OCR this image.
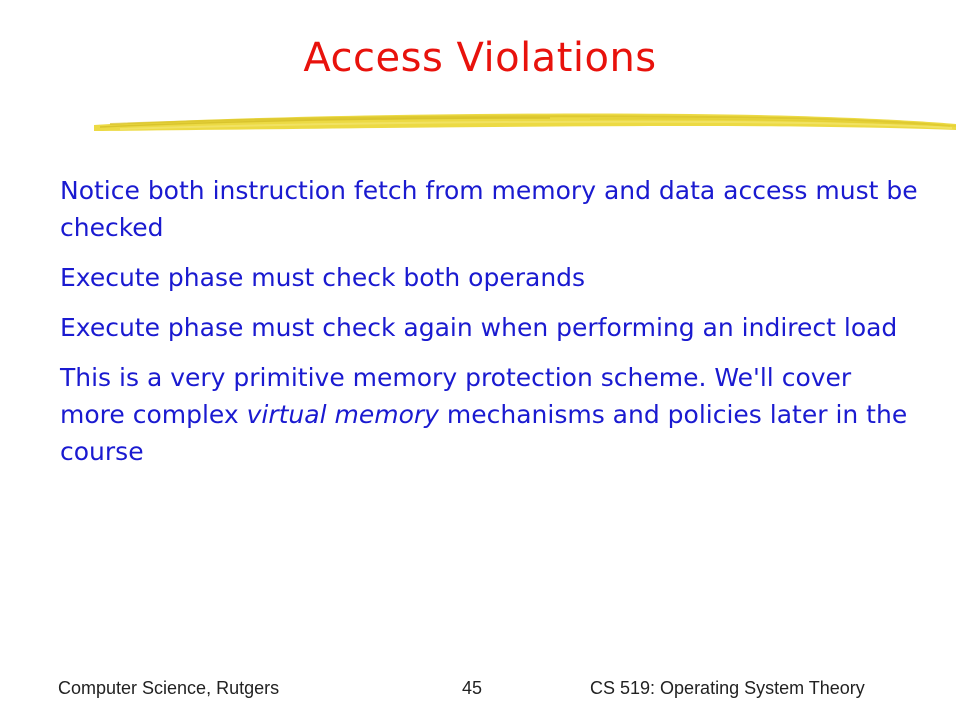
Access Violations
Notice both instruction fetch from memory and data access must be checked
Execute phase must check both operands
Execute phase must check again when performing an indirect load
This is a very primitive memory protection scheme. We'll cover more complex virtual memory mechanisms and policies later in the course
Computer Science, Rutgers	45	CS 519: Operating System Theory
